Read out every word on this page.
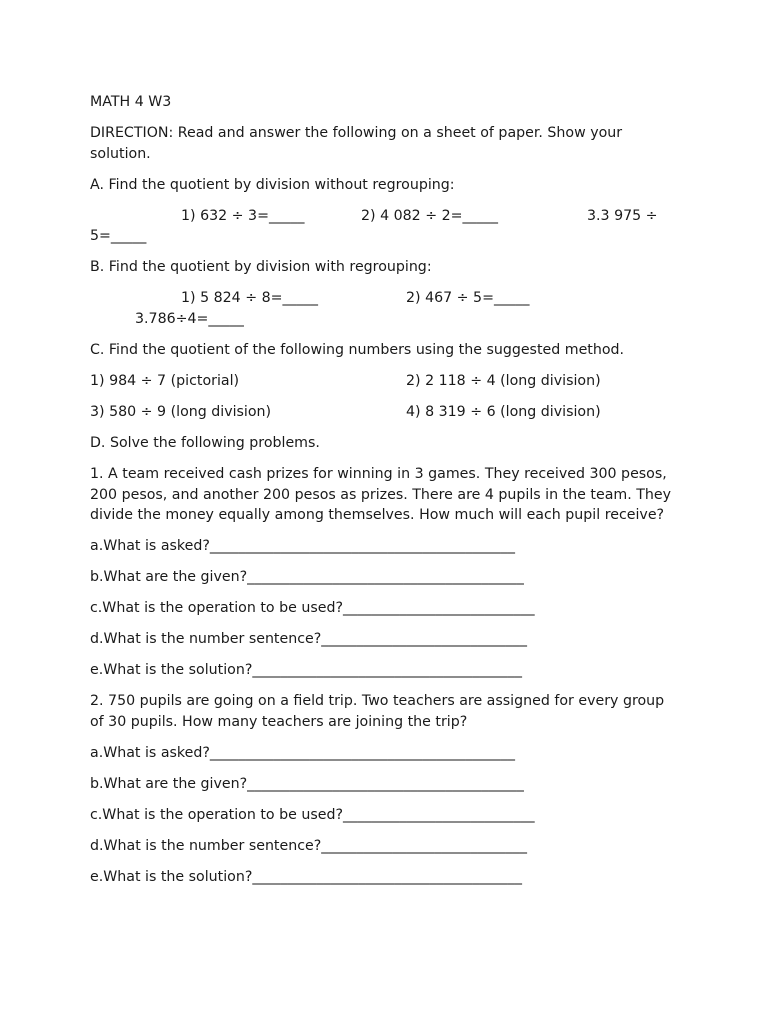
MATH 4 W3
DIRECTION: Read and answer the following on a sheet of paper. Show your solution.
A. Find the quotient by division without regrouping:
1) 632 ÷ 3=_____	2) 4 082 ÷ 2=_____	3.3 975 ÷
5=_____
B. Find the quotient by division with regrouping:
1) 5 824 ÷ 8=_____	2) 467 ÷ 5=_____
3.786÷4=_____
C. Find the quotient of the following numbers using the suggested method.
1) 984 ÷ 7 (pictorial)	2) 2 118 ÷ 4 (long division)
3) 580 ÷ 9 (long division)	4) 8 319 ÷ 6 (long division)
D. Solve the following problems.
1. A team received cash prizes for winning in 3 games. They received 300 pesos, 200 pesos, and another 200 pesos as prizes. There are 4 pupils in the team. They divide the money equally among themselves. How much will each pupil receive?
a.What is asked?___________________________________________
b.What are the given?_______________________________________
c.What is the operation to be used?___________________________
d.What is the number sentence?_____________________________
e.What is the solution?______________________________________
2. 750 pupils are going on a field trip. Two teachers are assigned for every group of 30 pupils. How many teachers are joining the trip?
a.What is asked?___________________________________________
b.What are the given?_______________________________________
c.What is the operation to be used?___________________________
d.What is the number sentence?_____________________________
e.What is the solution?______________________________________
